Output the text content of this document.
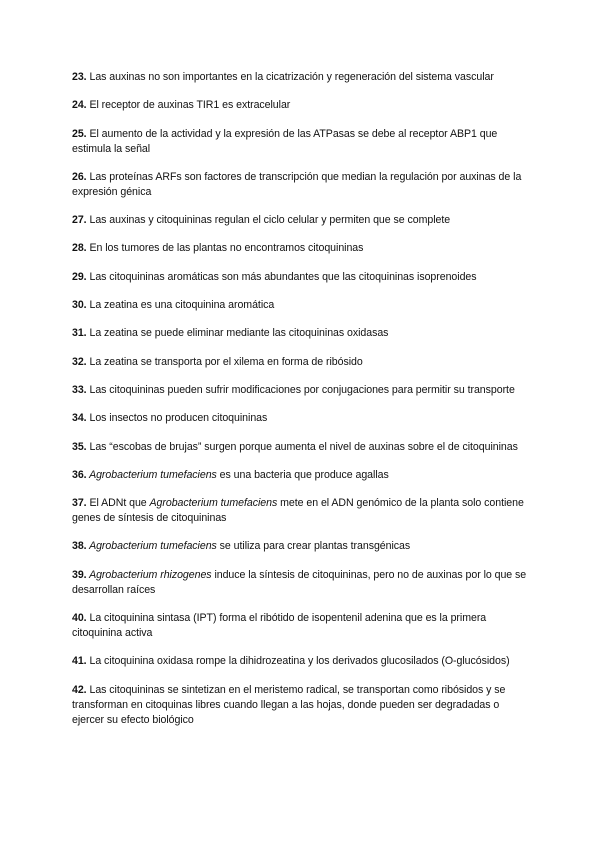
23. Las auxinas no son importantes en la cicatrización y regeneración del sistema vascular

24. El receptor de auxinas TIR1 es extracelular

25. El aumento de la actividad y la expresión de las ATPasas se debe al receptor ABP1 que estimula la señal

26. Las proteínas ARFs son factores de transcripción que median la regulación por auxinas de la expresión génica

27. Las auxinas y citoquininas regulan el ciclo celular y permiten que se complete

28. En los tumores de las plantas no encontramos citoquininas

29. Las citoquininas aromáticas son más abundantes que las citoquininas isoprenoides

30. La zeatina es una citoquinina aromática

31. La zeatina se puede eliminar mediante las citoquininas oxidasas

32. La zeatina se transporta por el xilema en forma de ribósido

33. Las citoquininas pueden sufrir modificaciones por conjugaciones para permitir su transporte

34. Los insectos no producen citoquininas

35. Las “escobas de brujas” surgen porque aumenta el nivel de auxinas sobre el de citoquininas

36. Agrobacterium tumefaciens es una bacteria que produce agallas

37. El ADNt que Agrobacterium tumefaciens mete en el ADN genómico de la planta solo contiene genes de síntesis de citoquininas

38. Agrobacterium tumefaciens se utiliza para crear plantas transgénicas

39. Agrobacterium rhizogenes induce la síntesis de citoquininas, pero no de auxinas por lo que se desarrollan raíces

40. La citoquinina sintasa (IPT) forma el ribótido de isopentenil adenina que es la primera citoquinina activa

41. La citoquinina oxidasa rompe la dihidrozeatina y los derivados glucosilados (O-glucósidos)

42. Las citoquininas se sintetizan en el meristemo radical, se transportan como ribósidos y se transforman en citoquinas libres cuando llegan a las hojas, donde pueden ser degradadas o ejercer su efecto biológico
